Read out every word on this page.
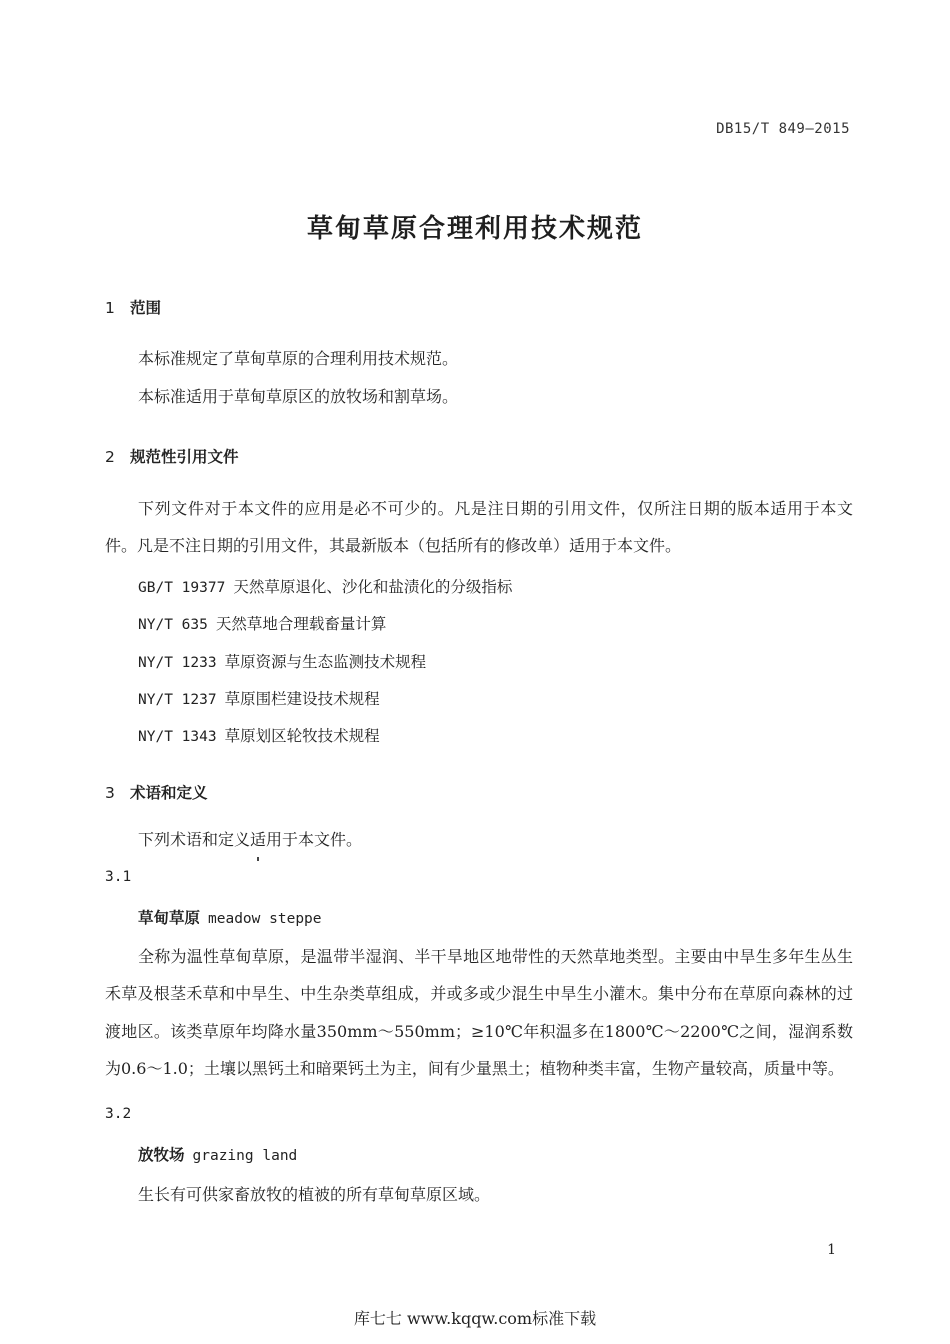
DB15/T 849—2015
草甸草原合理利用技术规范
1 范围
本标准规定了草甸草原的合理利用技术规范。
本标准适用于草甸草原区的放牧场和割草场。
2 规范性引用文件

下列文件对于本文件的应用是必不可少的。凡是注日期的引用文件，仅所注日期的版本适用于本文件。凡是不注日期的引用文件，其最新版本（包括所有的修改单）适用于本文件。

GB/T 19377 天然草原退化、沙化和盐渍化的分级指标
NY/T 635 天然草地合理载畜量计算
NY/T 1233 草原资源与生态监测技术规程
NY/T 1237 草原围栏建设技术规程
NY/T 1343 草原划区轮牧技术规程
3 术语和定义
下列术语和定义适用于本文件。
3.1
草甸草原 meadow steppe

全称为温性草甸草原，是温带半湿润、半干旱地区地带性的天然草地类型。主要由中旱生多年生丛生禾草及根茎禾草和中旱生、中生杂类草组成，并或多或少混生中旱生小灌木。集中分布在草原向森林的过渡地区。该类草原年均降水量350mm～550mm；≥10℃年积温多在1800℃～2200℃之间，湿润系数为0.6～1.0；土壤以黑钙土和暗栗钙土为主，间有少量黑土；植物种类丰富，生物产量较高，质量中等。

3.2
放牧场 grazing land
生长有可供家畜放牧的植被的所有草甸草原区域。
1
库七七 www.kqqw.com标准下载
